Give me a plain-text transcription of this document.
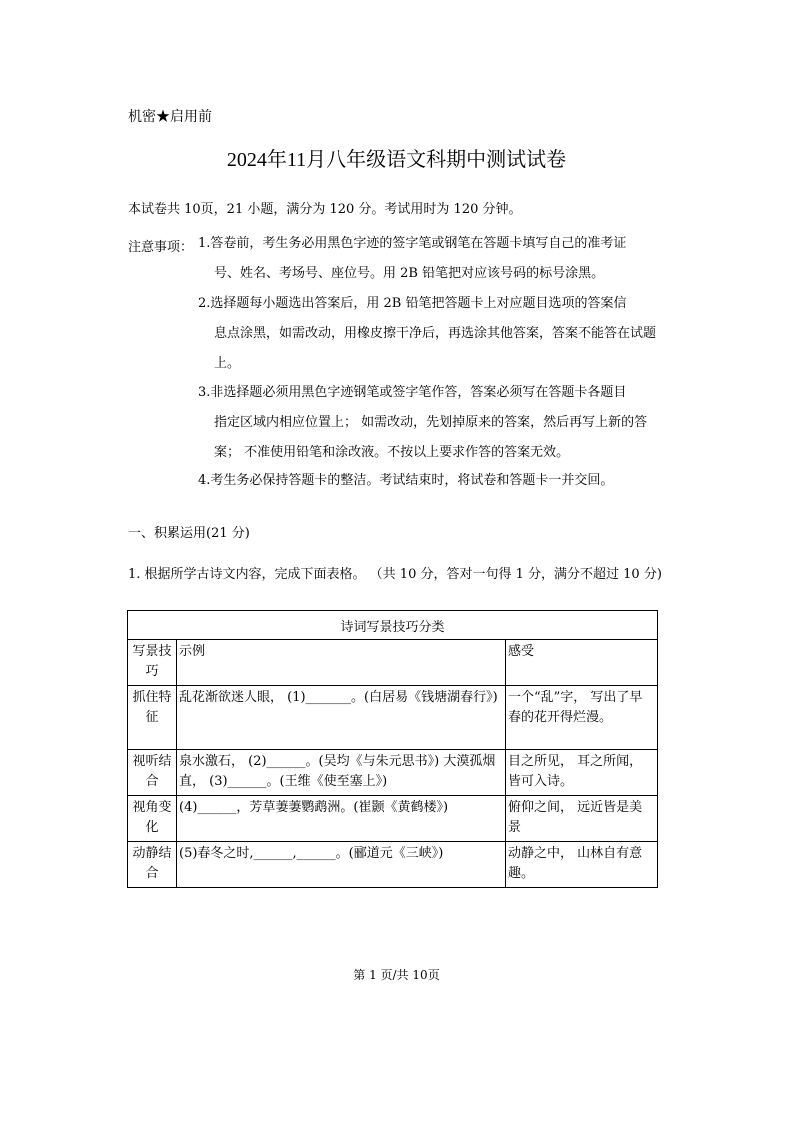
机密★启用前
2024年11月八年级语文科期中测试试卷
本试卷共 10页，21 小题，满分为 120 分。考试用时为 120 分钟。
注意事项： 1.答卷前，考生务必用黑色字迹的签字笔或钢笔在答题卡填写自己的准考证
号、姓名、考场号、座位号。用 2B 铅笔把对应该号码的标号涂黑。
2.选择题每小题选出答案后，用 2B 铅笔把答题卡上对应题目选项的答案信
息点涂黑，如需改动，用橡皮擦干净后，再选涂其他答案，答案不能答在试题上。
3.非选择题必须用黑色字迹钢笔或签字笔作答，答案必须写在答题卡各题目
指定区域内相应位置上； 如需改动，先划掉原来的答案，然后再写上新的答案； 不准使用铅笔和涂改液。不按以上要求作答的答案无效。
4.考生务必保持答题卡的整洁。考试结束时，将试卷和答题卡一并交回。
一、积累运用(21 分)
1. 根据所学古诗文内容，完成下面表格。 （共 10 分，答对一句得 1 分，满分不超过 10 分)
诗词写景技巧分类		
写景技巧	示例	感受
抓住特征	乱花渐欲迷人眼， (1)_______。(白居易《钱塘湖春行》)	一个“乱”字， 写出了早春的花开得烂漫。
视听结合	泉水激石， (2)______。(吴均《与朱元思书》) 大漠孤烟直， (3)______。(王维《使至塞上》)	目之所见， 耳之所闻，皆可入诗。
视角变化	(4)______，芳草萋萋鹦鹉洲。(崔颢《黄鹤楼》)	俯仰之间， 远近皆是美景
动静结合	(5)春冬之时,______,______。(郦道元《三峡》)	动静之中， 山林自有意趣。
第 1 页/共 10页
